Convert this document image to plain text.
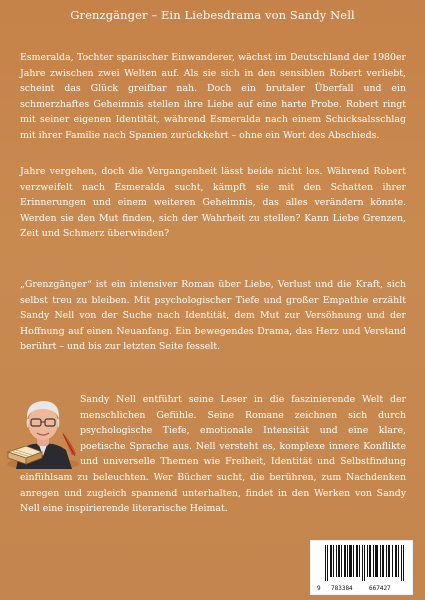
Grenzgänger – Ein Liebesdrama von Sandy Nell

Esmeralda, Tochter spanischer Einwanderer, wächst im Deutschland der 1980er Jahre zwischen zwei Welten auf. Als sie sich in den sensiblen Robert verliebt, scheint das Glück greifbar nah. Doch ein brutaler Überfall und ein schmerzhaftes Geheimnis stellen ihre Liebe auf eine harte Probe. Robert ringt mit seiner eigenen Identität, während Esmeralda nach einem Schicksalsschlag mit ihrer Familie nach Spanien zurückkehrt – ohne ein Wort des Abschieds.

Jahre vergehen, doch die Vergangenheit lässt beide nicht los. Während Robert verzweifelt nach Esmeralda sucht, kämpft sie mit den Schatten ihrer Erinnerungen und einem weiteren Geheimnis, das alles verändern könnte. Werden sie den Mut finden, sich der Wahrheit zu stellen? Kann Liebe Grenzen, Zeit und Schmerz überwinden?

„Grenzgänger“ ist ein intensiver Roman über Liebe, Verlust und die Kraft, sich selbst treu zu bleiben. Mit psychologischer Tiefe und großer Empathie erzählt Sandy Nell von der Suche nach Identität, dem Mut zur Versöhnung und der Hoffnung auf einen Neuanfang. Ein bewegendes Drama, das Herz und Verstand berührt – und bis zur letzten Seite fesselt.

Sandy Nell entführt seine Leser in die faszinierende Welt der menschlichen Gefühle. Seine Romane zeichnen sich durch psychologische Tiefe, emotionale Intensität und eine klare, poetische Sprache aus. Nell versteht es, komplexe innere Konflikte und universelle Themen wie Freiheit, Identität und Selbstfindung einfühlsam zu beleuchten. Wer Bücher sucht, die berühren, zum Nachdenken anregen und zugleich spannend unterhalten, findet in den Werken von Sandy Nell eine inspirierende literarische Heimat.
9 783384	667427
